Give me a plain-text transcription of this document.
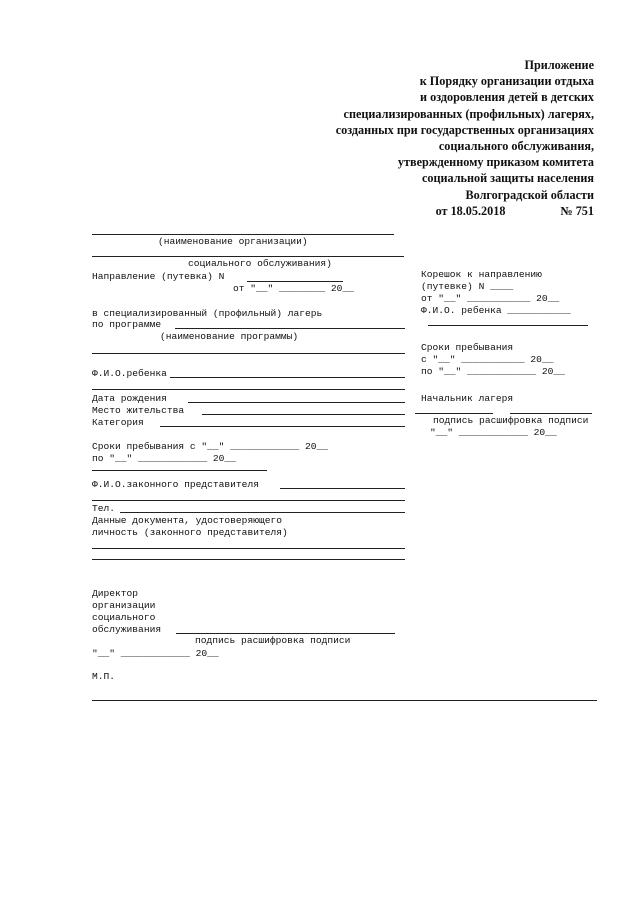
Приложение
к Порядку организации отдыха
и оздоровления детей в детских
специализированных (профильных) лагерях,
созданных при государственных организациях
социального обслуживания,
утвержденному приказом комитета
социальной защиты населения
Волгоградской области
от 18.05.2018	№ 751
(наименование организации)
социального обслуживания)
Направление (путевка) N
от "__" ________ 20__
в специализированный (профильный) лагерь
по программе
(наименование программы)
Ф.И.О.ребенка
Дата рождения
Место жительства
Категория
Сроки пребывания с "__" ____________ 20__
по "__" ____________ 20__
Ф.И.О.законного представителя
Тел.
Данные документа, удостоверяющего
личность (законного представителя)
Директор
организации
социального
обслуживания
подпись расшифровка подписи
"__" ____________ 20__
М.П.
Корешок к направлению
(путевке) N ____
от "__" ___________ 20__
Ф.И.О. ребенка ___________
Сроки пребывания
с "__" ___________ 20__
по "__" ____________ 20__
Начальник лагеря
подпись расшифровка подписи
"__" ____________ 20__
